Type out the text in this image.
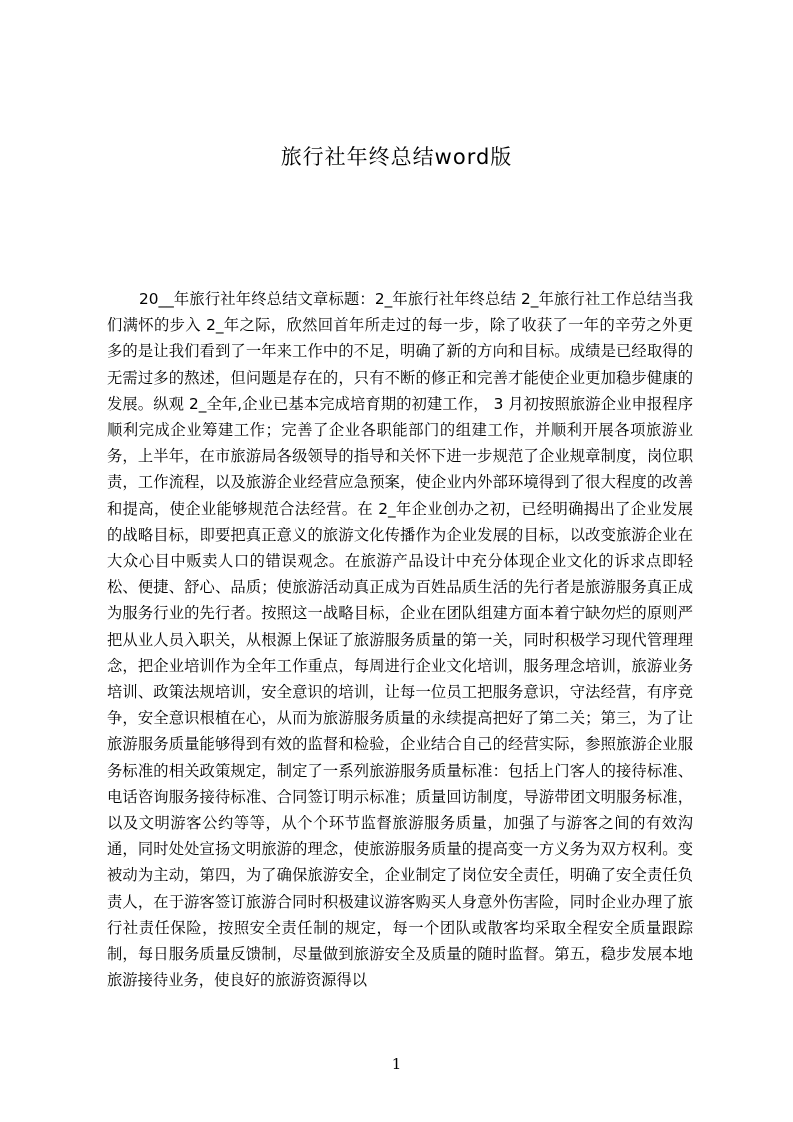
旅行社年终总结word版

20__年旅行社年终总结文章标题：2_年旅行社年终总结 2_年旅行社工作总结当我们满怀的步入 2_年之际，欣然回首年所走过的每一步，除了收获了一年的辛劳之外更多的是让我们看到了一年来工作中的不足，明确了新的方向和目标。成绩是已经取得的无需过多的熬述，但问题是存在的，只有不断的修正和完善才能使企业更加稳步健康的发展。纵观 2_全年,企业已基本完成培育期的初建工作， 3 月初按照旅游企业申报程序顺利完成企业筹建工作；完善了企业各职能部门的组建工作，并顺利开展各项旅游业务，上半年，在市旅游局各级领导的指导和关怀下进一步规范了企业规章制度，岗位职责，工作流程，以及旅游企业经营应急预案，使企业内外部环境得到了很大程度的改善和提高，使企业能够规范合法经营。在 2_年企业创办之初，已经明确揭出了企业发展的战略目标，即要把真正意义的旅游文化传播作为企业发展的目标，以改变旅游企业在大众心目中贩卖人口的错误观念。在旅游产品设计中充分体现企业文化的诉求点即轻松、便捷、舒心、品质；使旅游活动真正成为百姓品质生活的先行者是旅游服务真正成为服务行业的先行者。按照这一战略目标，企业在团队组建方面本着宁缺勿烂的原则严把从业人员入职关，从根源上保证了旅游服务质量的第一关，同时积极学习现代管理理念，把企业培训作为全年工作重点，每周进行企业文化培训，服务理念培训，旅游业务培训、政策法规培训，安全意识的培训，让每一位员工把服务意识，守法经营，有序竞争，安全意识根植在心，从而为旅游服务质量的永续提高把好了第二关；第三，为了让旅游服务质量能够得到有效的监督和检验，企业结合自己的经营实际，参照旅游企业服务标准的相关政策规定，制定了一系列旅游服务质量标准：包括上门客人的接待标准、电话咨询服务接待标准、合同签订明示标准；质量回访制度，导游带团文明服务标准，以及文明游客公约等等，从个个环节监督旅游服务质量，加强了与游客之间的有效沟通，同时处处宣扬文明旅游的理念，使旅游服务质量的提高变一方义务为双方权利。变被动为主动，第四，为了确保旅游安全，企业制定了岗位安全责任，明确了安全责任负责人，在于游客签订旅游合同时积极建议游客购买人身意外伤害险，同时企业办理了旅行社责任保险，按照安全责任制的规定，每一个团队或散客均采取全程安全质量跟踪制，每日服务质量反馈制，尽量做到旅游安全及质量的随时监督。第五，稳步发展本地旅游接待业务，使良好的旅游资源得以

1
